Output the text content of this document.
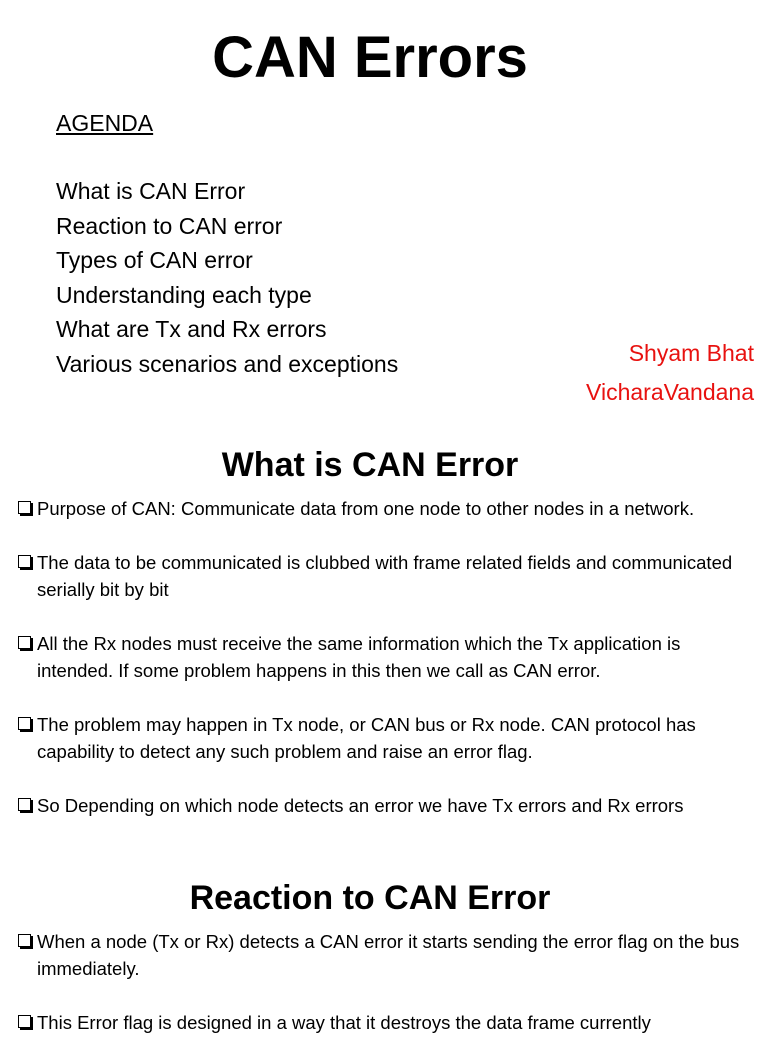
CAN Errors
AGENDA
What is CAN Error
Reaction to CAN error
Types of CAN error
Understanding each type
What are Tx and Rx errors
Various scenarios and exceptions	Shyam Bhat
VicharaVandana
What is CAN Error
Purpose of CAN: Communicate data from one node to other nodes in a network.
The data to be communicated is clubbed with frame related fields and communicated serially bit by bit
All the Rx nodes must receive the same information which the Tx application is intended. If some problem happens in this then we call as CAN error.
The problem may happen in Tx node, or CAN bus or Rx node. CAN protocol has capability to detect any such problem and raise an error flag.
So Depending on which node detects an error we have Tx errors and Rx errors
Reaction to CAN Error
When a node (Tx or Rx) detects a CAN error it starts sending the error flag on the bus immediately.
This Error flag is designed in a way that it destroys the data frame currently
